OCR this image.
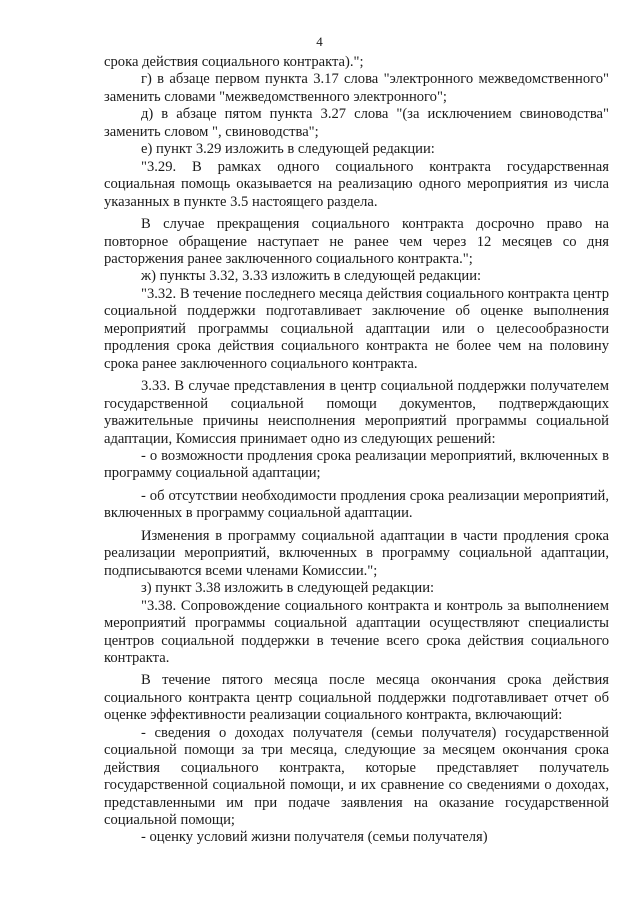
4

срока действия социального контракта).";

г) в абзаце первом пункта 3.17 слова "электронного межведомственного" заменить словами "межведомственного электронного";

д) в абзаце пятом пункта 3.27 слова "(за исключением свиноводства" заменить словом ", свиноводства";

е) пункт 3.29 изложить в следующей редакции:

"3.29. В рамках одного социального контракта государственная социальная помощь оказывается на реализацию одного мероприятия из числа указанных в пункте 3.5 настоящего раздела.

В случае прекращения социального контракта досрочно право на повторное обращение наступает не ранее чем через 12 месяцев со дня расторжения ранее заключенного социального контракта.";

ж) пункты 3.32, 3.33 изложить в следующей редакции:

"3.32. В течение последнего месяца действия социального контракта центр социальной поддержки подготавливает заключение об оценке выполнения мероприятий программы социальной адаптации или о целесообразности продления срока действия социального контракта не более чем на половину срока ранее заключенного социального контракта.

3.33. В случае представления в центр социальной поддержки получателем государственной социальной помощи документов, подтверждающих уважительные причины неисполнения мероприятий программы социальной адаптации, Комиссия принимает одно из следующих решений:

- о возможности продления срока реализации мероприятий, включенных в программу социальной адаптации;

- об отсутствии необходимости продления срока реализации мероприятий, включенных в программу социальной адаптации.

Изменения в программу социальной адаптации в части продления срока реализации мероприятий, включенных в программу социальной адаптации, подписываются всеми членами Комиссии.";

з) пункт 3.38 изложить в следующей редакции:

"3.38. Сопровождение социального контракта и контроль за выполнением мероприятий программы социальной адаптации осуществляют специалисты центров социальной поддержки в течение всего срока действия социального контракта.

В течение пятого месяца после месяца окончания срока действия социального контракта центр социальной поддержки подготавливает отчет об оценке эффективности реализации социального контракта, включающий:

- сведения о доходах получателя (семьи получателя) государственной социальной помощи за три месяца, следующие за месяцем окончания срока действия социального контракта, которые представляет получатель государственной социальной помощи, и их сравнение со сведениями о доходах, представленными им при подаче заявления на оказание государственной социальной помощи;

- оценку условий жизни получателя (семьи получателя)
